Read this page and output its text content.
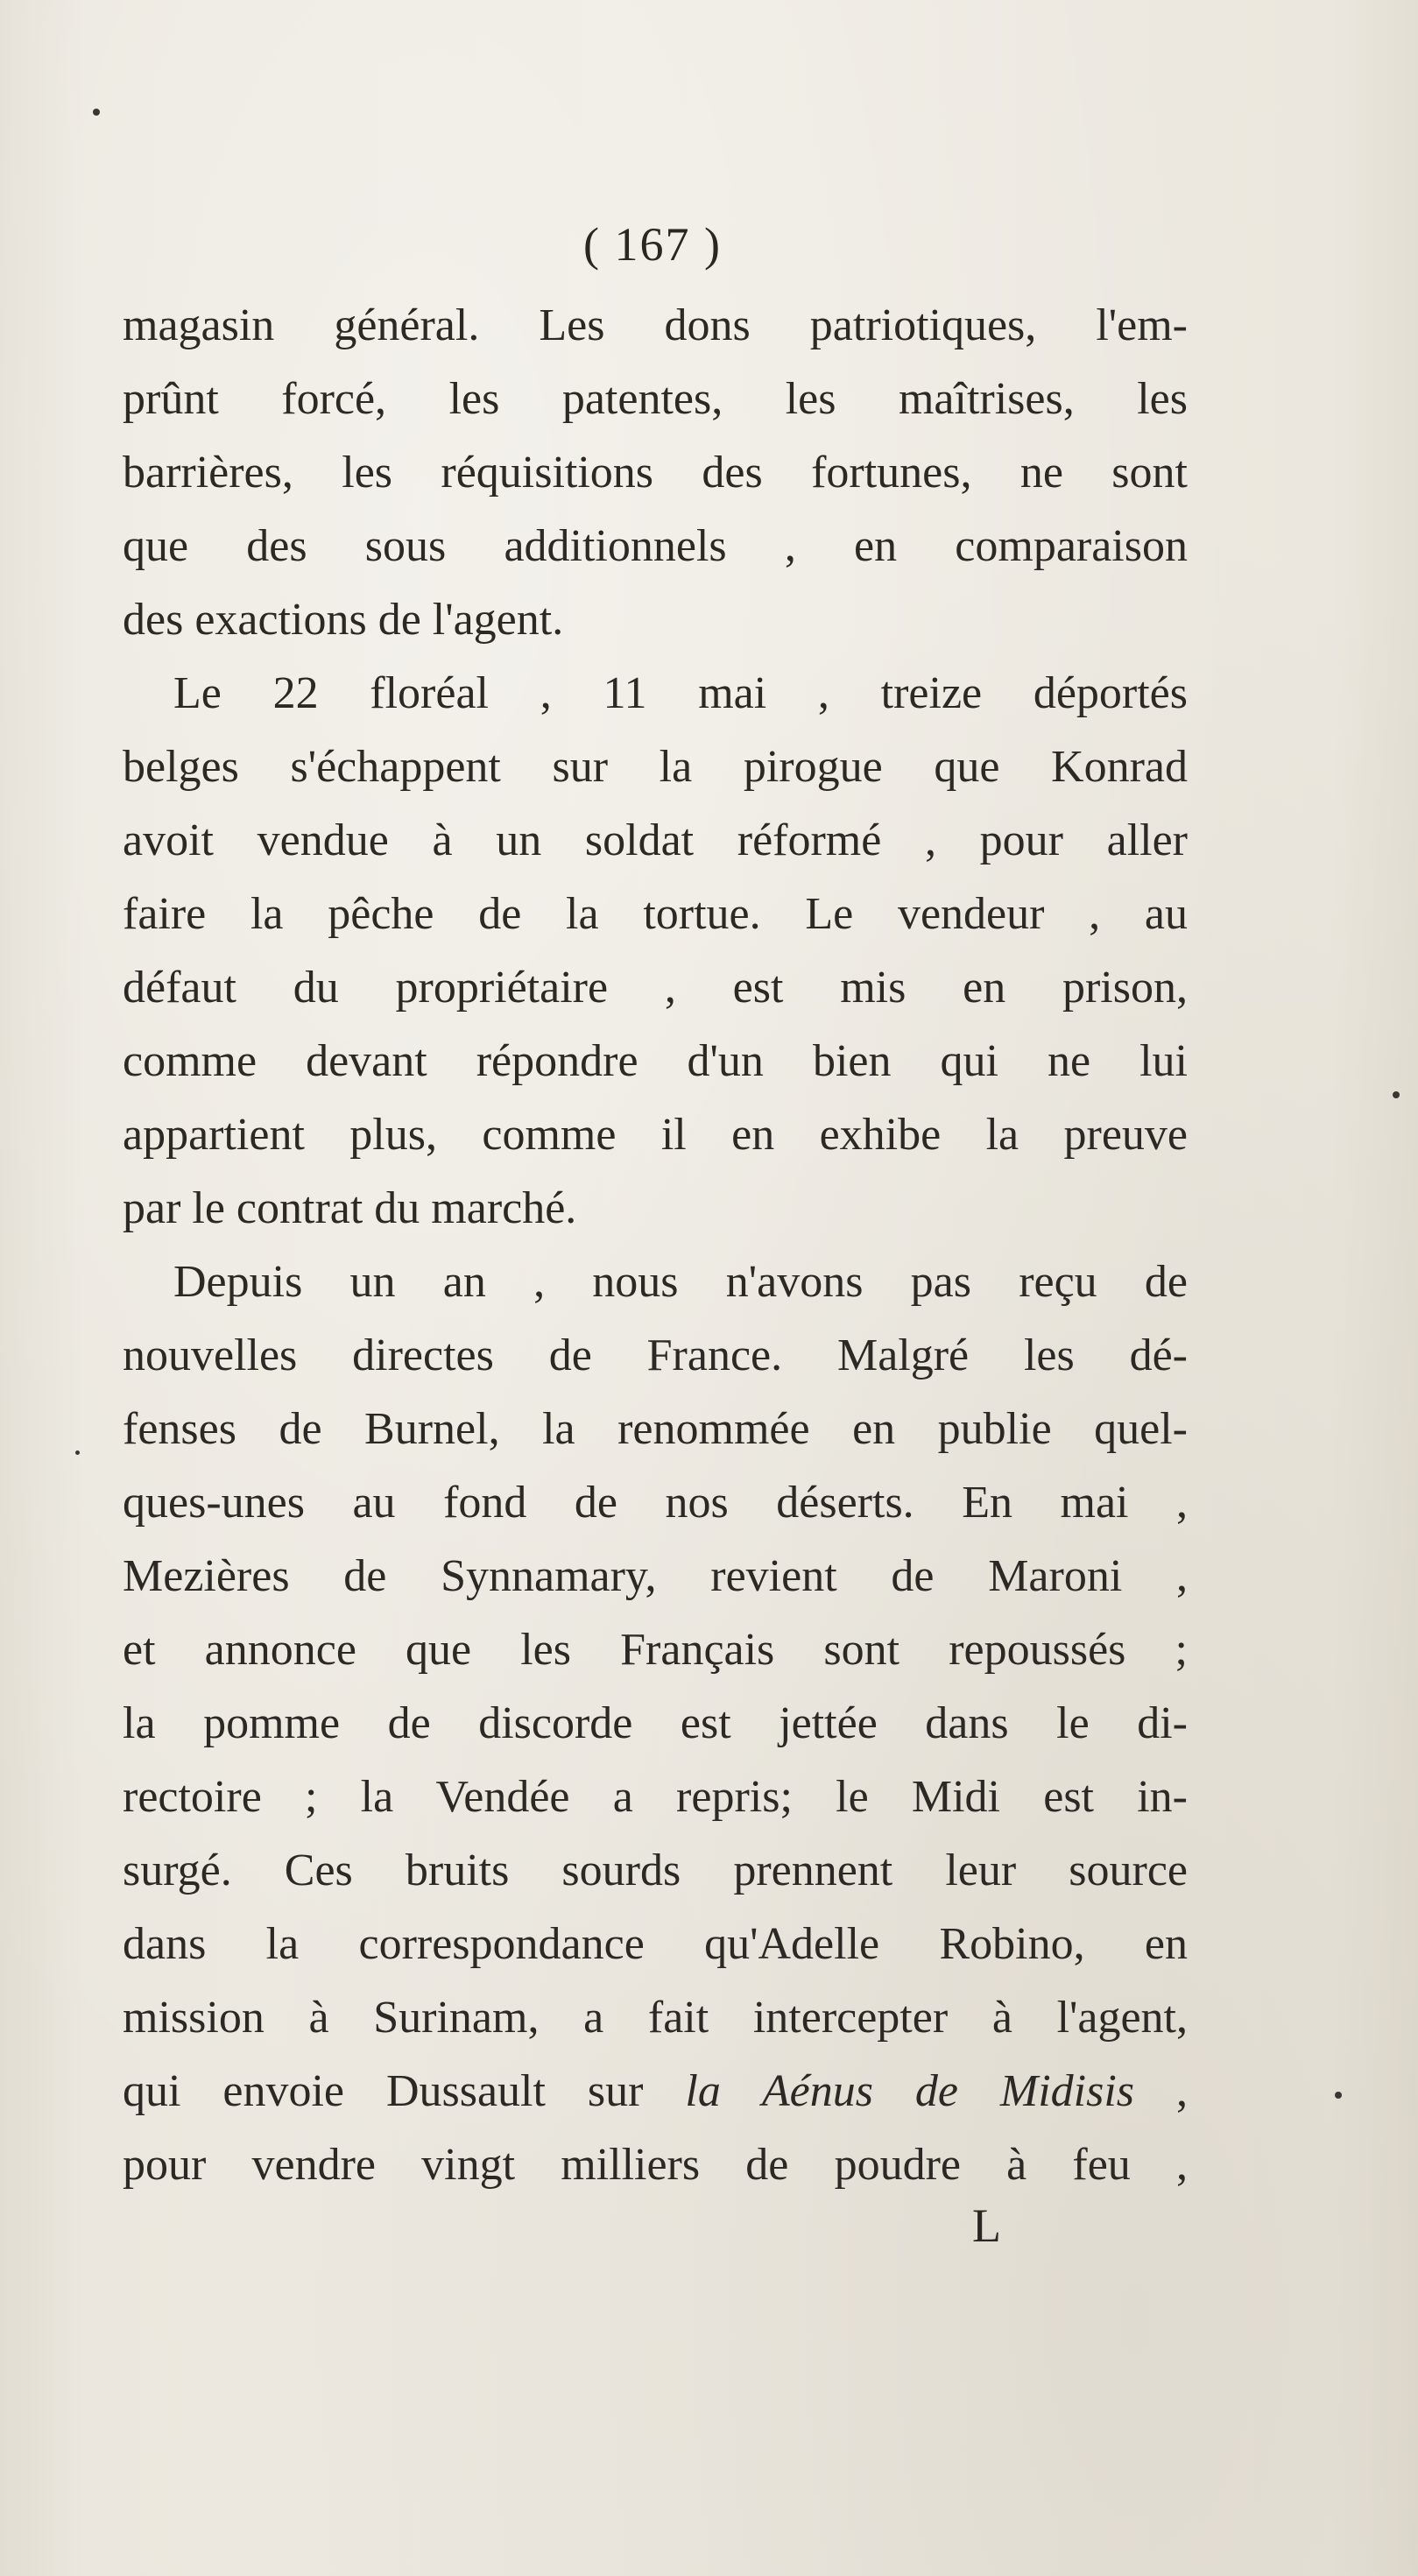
( 167 )
magasin général. Les dons patriotiques, l'em-
prûnt forcé, les patentes, les maîtrises, les
barrières, les réquisitions des fortunes, ne sont
que des sous additionnels , en comparaison
des exactions de l'agent.
Le 22 floréal , 11 mai , treize déportés
belges s'échappent sur la pirogue que Konrad
avoit vendue à un soldat réformé , pour aller
faire la pêche de la tortue. Le vendeur , au
défaut du propriétaire , est mis en prison,
comme devant répondre d'un bien qui ne lui
appartient plus, comme il en exhibe la preuve
par le contrat du marché.
Depuis un an , nous n'avons pas reçu de
nouvelles directes de France. Malgré les dé-
fenses de Burnel, la renommée en publie quel-
ques-unes au fond de nos déserts. En mai ,
Mezières de Synnamary, revient de Maroni ,
et annonce que les Français sont repoussés ;
la pomme de discorde est jettée dans le di-
rectoire ; la Vendée a repris; le Midi est in-
surgé. Ces bruits sourds prennent leur source
dans la correspondance qu'Adelle Robino, en
mission à Surinam, a fait intercepter à l'agent,
qui envoie Dussault sur la Aénus de Midisis ,
pour vendre vingt milliers de poudre à feu ,
L
